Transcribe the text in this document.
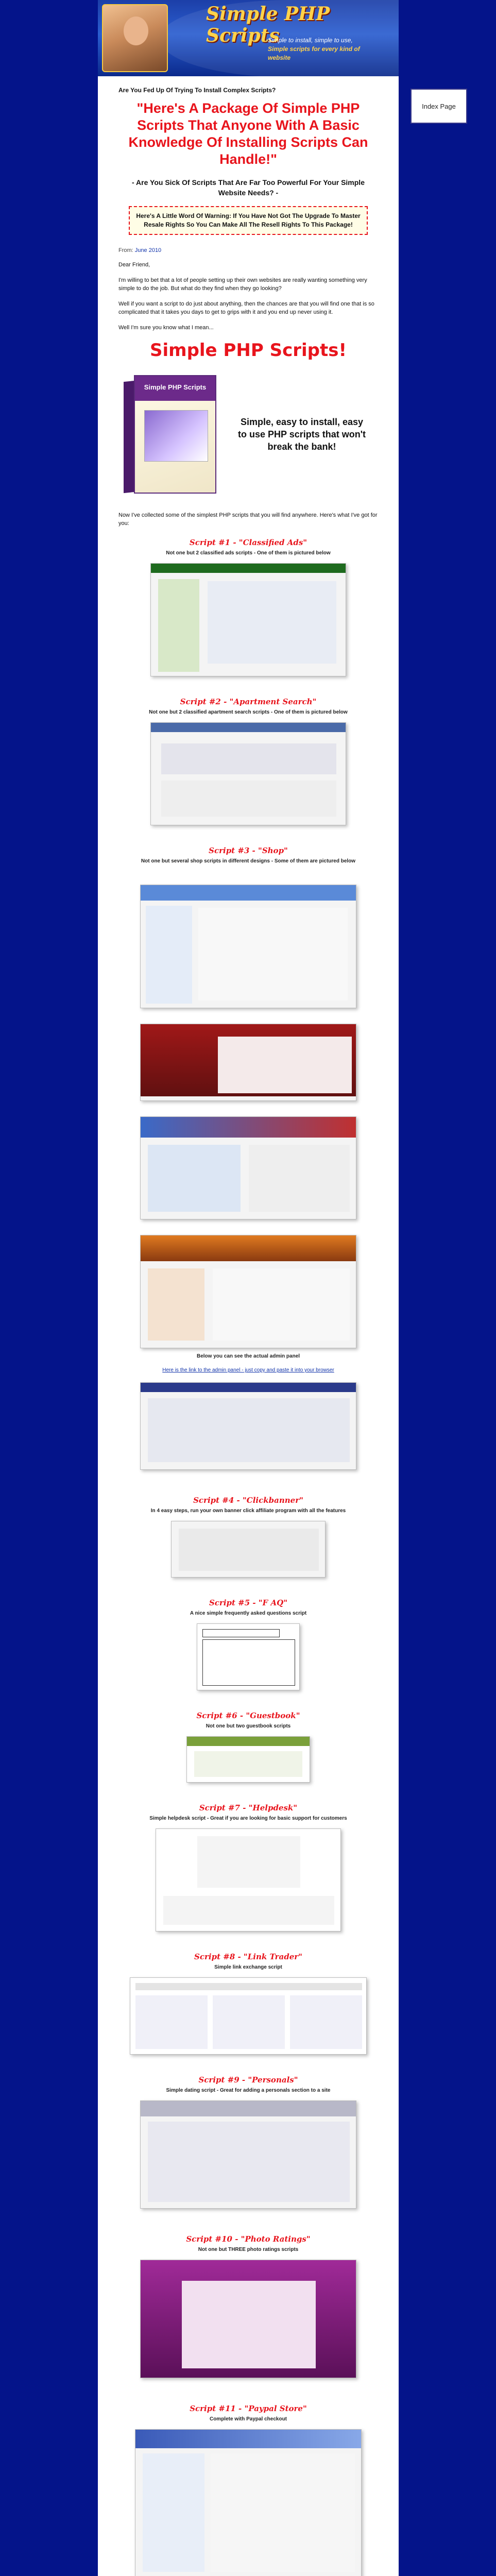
Simple PHP Scripts
Simple to install, simple to use,
Simple scripts for every kind of website
Are You Fed Up Of Trying To Install Complex Scripts?
"Here's A Package Of Simple PHP Scripts That Anyone With A Basic Knowledge Of Installing Scripts Can Handle!"
- Are You Sick Of Scripts That Are Far Too Powerful For Your Simple Website Needs? -
Here's A Little Word Of Warning: If You Have Not Got The Upgrade To Master Resale Rights So You Can Make All The Resell Rights To This Package!
From: June 2010

Dear Friend,

I'm willing to bet that a lot of people setting up their own websites are really wanting something very simple to do the job. But what do they find when they go looking?

Well if you want a script to do just about anything, then the chances are that you will find one that is so complicated that it takes you days to get to grips with it and you end up never using it.

Well I'm sure you know what I mean...

Simple PHP Scripts!
Simple PHP Scripts
Simple, easy to install, easy to use PHP scripts that won't break the bank!

Now I've collected some of the simplest PHP scripts that you will find anywhere. Here's what I've got for you:

Script #1 - "Classified Ads"
Not one but 2 classified ads scripts - One of them is pictured below
Script #2 - "Apartment Search"
Not one but 2 classified apartment search scripts - One of them is pictured below
Script #3 - "Shop"
Not one but several shop scripts in different designs - Some of them are pictured below
Below you can see the actual admin panel
Here is the link to the admin panel - just copy and paste it into your browser
Script #4 - "Clickbanner"
In 4 easy steps, run your own banner click affiliate program with all the features
Script #5 - "F AQ"
A nice simple frequently asked questions script
Script #6 - "Guestbook"
Not one but two guestbook scripts
Script #7 - "Helpdesk"
Simple helpdesk script - Great if you are looking for basic support for customers
Script #8 - "Link Trader"
Simple link exchange script
Script #9 - "Personals"
Simple dating script - Great for adding a personals section to a site
Script #10 - "Photo Ratings"
Not one but THREE photo ratings scripts
Script #11 - "Paypal Store"
Complete with Paypal checkout

Index Page
